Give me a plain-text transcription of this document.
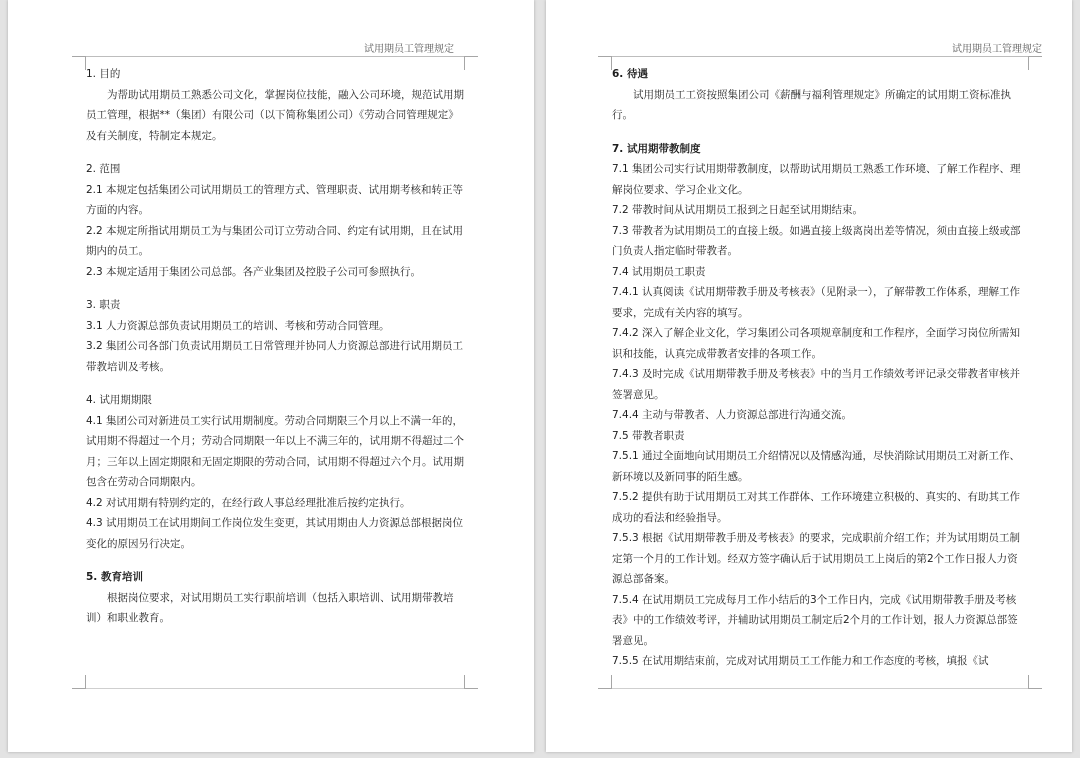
试用期员工管理规定

1. 目的

为帮助试用期员工熟悉公司文化，掌握岗位技能，融入公司环境，规范试用期员工管理，根据**（集团）有限公司（以下简称集团公司）《劳动合同管理规定》及有关制度，特制定本规定。

2. 范围

2.1 本规定包括集团公司试用期员工的管理方式、管理职责、试用期考核和转正等方面的内容。

2.2 本规定所指试用期员工为与集团公司订立劳动合同、约定有试用期，且在试用期内的员工。

2.3 本规定适用于集团公司总部。各产业集团及控股子公司可参照执行。

3. 职责

3.1 人力资源总部负责试用期员工的培训、考核和劳动合同管理。

3.2 集团公司各部门负责试用期员工日常管理并协同人力资源总部进行试用期员工带教培训及考核。

4. 试用期期限

4.1 集团公司对新进员工实行试用期制度。劳动合同期限三个月以上不满一年的，试用期不得超过一个月；劳动合同期限一年以上不满三年的，试用期不得超过二个月；三年以上固定期限和无固定期限的劳动合同，试用期不得超过六个月。试用期包含在劳动合同期限内。

4.2 对试用期有特别约定的，在经行政人事总经理批准后按约定执行。

4.3 试用期员工在试用期间工作岗位发生变更，其试用期由人力资源总部根据岗位变化的原因另行决定。

5. 教育培训

根据岗位要求，对试用期员工实行职前培训（包括入职培训、试用期带教培训）和职业教育。

试用期员工管理规定

6. 待遇

试用期员工工资按照集团公司《薪酬与福利管理规定》所确定的试用期工资标准执行。

7. 试用期带教制度

7.1 集团公司实行试用期带教制度，以帮助试用期员工熟悉工作环境、了解工作程序、理解岗位要求、学习企业文化。

7.2 带教时间从试用期员工报到之日起至试用期结束。

7.3 带教者为试用期员工的直接上级。如遇直接上级离岗出差等情况，须由直接上级或部门负责人指定临时带教者。

7.4 试用期员工职责

7.4.1 认真阅读《试用期带教手册及考核表》（见附录一），了解带教工作体系，理解工作要求，完成有关内容的填写。

7.4.2 深入了解企业文化，学习集团公司各项规章制度和工作程序，全面学习岗位所需知识和技能，认真完成带教者安排的各项工作。

7.4.3 及时完成《试用期带教手册及考核表》中的当月工作绩效考评记录交带教者审核并签署意见。

7.4.4 主动与带教者、人力资源总部进行沟通交流。

7.5 带教者职责

7.5.1 通过全面地向试用期员工介绍情况以及情感沟通，尽快消除试用期员工对新工作、新环境以及新同事的陌生感。

7.5.2 提供有助于试用期员工对其工作群体、工作环境建立积极的、真实的、有助其工作成功的看法和经验指导。

7.5.3 根据《试用期带教手册及考核表》的要求，完成职前介绍工作；并为试用期员工制定第一个月的工作计划。经双方签字确认后于试用期员工上岗后的第2个工作日报人力资源总部备案。

7.5.4 在试用期员工完成每月工作小结后的3个工作日内，完成《试用期带教手册及考核表》中的工作绩效考评，并辅助试用期员工制定后2个月的工作计划，报人力资源总部签署意见。

7.5.5 在试用期结束前，完成对试用期员工工作能力和工作态度的考核，填报《试
